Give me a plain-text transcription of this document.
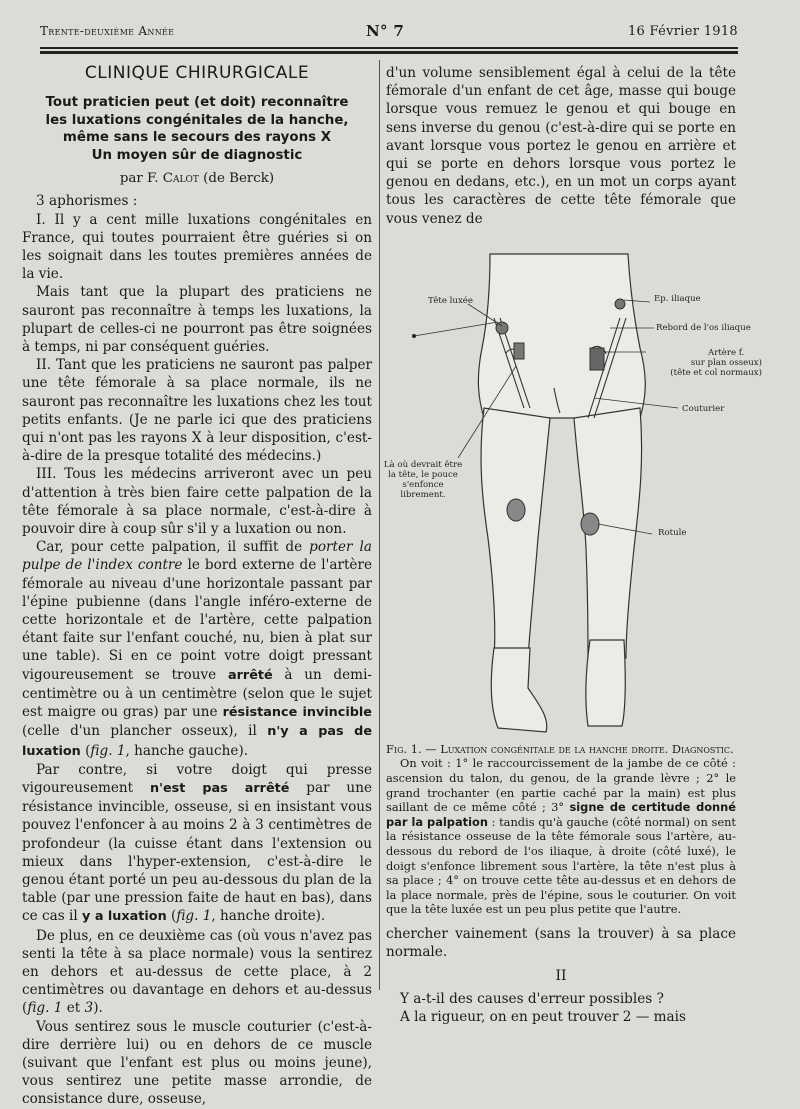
Trente-deuxième Année	N° 7	16 Février 1918
CLINIQUE CHIRURGICALE
Tout praticien peut (et doit) reconnaître
les luxations congénitales de la hanche,
même sans le secours des rayons X
Un moyen sûr de diagnostic
par F. Calot (de Berck)

3 aphorismes :

I. Il y a cent mille luxations congénitales en France, qui toutes pourraient être guéries si on les soignait dans les toutes premières années de la vie.

Mais tant que la plupart des praticiens ne sauront pas reconnaître à temps les luxations, la plupart de celles-ci ne pourront pas être soignées à temps, ni par conséquent guéries.

II. Tant que les praticiens ne sauront pas palper une tête fémorale à sa place normale, ils ne sauront pas reconnaître les luxations chez les tout petits enfants. (Je ne parle ici que des praticiens qui n'ont pas les rayons X à leur disposition, c'est-à-dire de la presque totalité des médecins.)

III. Tous les médecins arriveront avec un peu d'attention à très bien faire cette palpation de la tête fémorale à sa place normale, c'est-à-dire à pouvoir dire à coup sûr s'il y a luxation ou non.

Car, pour cette palpation, il suffit de porter la pulpe de l'index contre le bord externe de l'artère fémorale au niveau d'une horizontale passant par l'épine pubienne (dans l'angle inféro-externe de cette horizontale et de l'artère, cette palpation étant faite sur l'enfant couché, nu, bien à plat sur une table). Si en ce point votre doigt pressant vigoureusement se trouve arrêté à un demi-centimètre ou à un centimètre (selon que le sujet est maigre ou gras) par une résistance invincible (celle d'un plancher osseux), il n'y a pas de luxation (fig. 1, hanche gauche).

Par contre, si votre doigt qui presse vigoureusement n'est pas arrêté par une résistance invincible, osseuse, si en insistant vous pouvez l'enfoncer à au moins 2 à 3 centimètres de profondeur (la cuisse étant dans l'extension ou mieux dans l'hyper-extension, c'est-à-dire le genou étant porté un peu au-dessous du plan de la table (par une pression faite de haut en bas), dans ce cas il y a luxation (fig. 1, hanche droite).

De plus, en ce deuxième cas (où vous n'avez pas senti la tête à sa place normale) vous la sentirez en dehors et au-dessus de cette place, à 2 centimètres ou davantage en dehors et au-dessus (fig. 1 et 3).

Vous sentirez sous le muscle couturier (c'est-à-dire derrière lui) ou en dehors de ce muscle (suivant que l'enfant est plus ou moins jeune), vous sentirez une petite masse arrondie, de consistance dure, osseuse,

d'un volume sensiblement égal à celui de la tête fémorale d'un enfant de cet âge, masse qui bouge lorsque vous remuez le genou et qui bouge en sens inverse du genou (c'est-à-dire qui se porte en avant lorsque vous portez le genou en arrière et qui se porte en dehors lorsque vous portez le genou en dedans, etc.), en un mot un corps ayant tous les caractères de cette tête fémorale que vous venez de

Tête luxée	Ep. iliaque
Rebord de l'os iliaque
Artère f.
sur plan osseux)
(tête et col normaux)
Couturier
Là où devrait être
la tête, le pouce
s'enfonce librement.
Rotule
Fig. 1. — Luxation congénitale de la hanche droite. Diagnostic.

On voit : 1° le raccourcissement de la jambe de ce côté : ascension du talon, du genou, de la grande lèvre ; 2° le grand trochanter (en partie caché par la main) est plus saillant de ce même côté ; 3° signe de certitude donné par la palpation : tandis qu'à gauche (côté normal) on sent la résistance osseuse de la tête fémorale sous l'artère, au-dessous du rebord de l'os iliaque, à droite (côté luxé), le doigt s'enfonce librement sous l'artère, la tête n'est plus à sa place ; 4° on trouve cette tête au-dessus et en dehors de la place normale, près de l'épine, sous le couturier. On voit que la tête luxée est un peu plus petite que l'autre.

chercher vainement (sans la trouver) à sa place normale.

II

Y a-t-il des causes d'erreur possibles ?

A la rigueur, on en peut trouver 2 — mais
